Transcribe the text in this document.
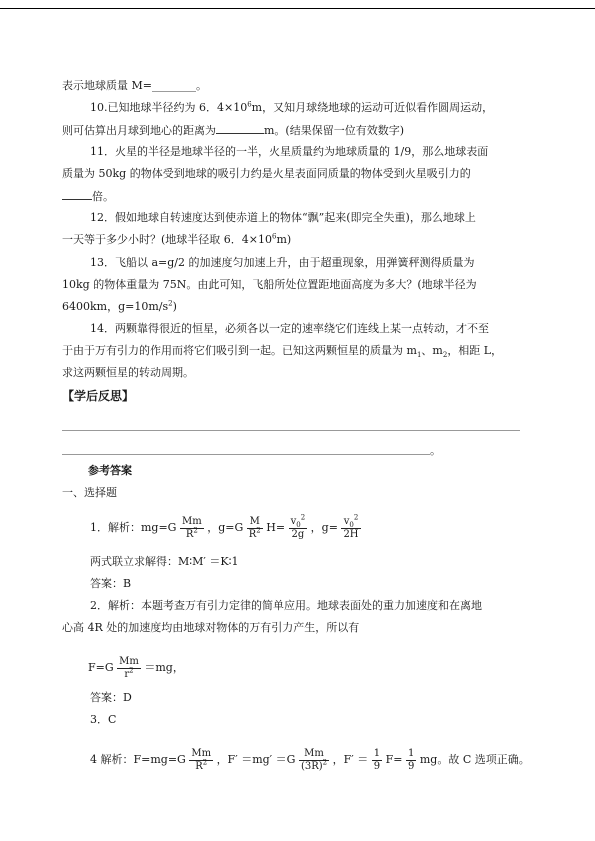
表示地球质量 M=________。
10.已知地球半径约为 6．$4\times 10^6m$，又知月球绕地球的运动可近似看作圆周运动，
则可估算出月球到地心的距离为	m。(结果保留一位有效数字)
11．火星的半径是地球半径的一半，火星质量约为地球质量的 1/9，那么地球表面
质量为 50kg 的物体受到地球的吸引力约是火星表面同质量的物体受到火星吸引力的
倍。
12．假如地球自转速度达到使赤道上的物体“飘”起来(即完全失重)，那么地球上
一天等于多少小时？(地球半径取 6．$4\times 10^6m$)
13．飞船以 a=g/2 的加速度匀加速上升，由于超重现象，用弹簧秤测得质量为
10kg 的物体重量为 75N。由此可知，飞船所处位置距地面高度为多大？(地球半径为
6400km，$g=10m/s^2$)
14．两颗靠得很近的恒星，必须各以一定的速率绕它们连线上某一点转动，才不至
于由于万有引力的作用而将它们吸引到一起。已知这两颗恒星的质量为 $m_1$、$m_2$，相距 L，
求这两颗恒星的转动周期。
【学后反思】
。
参考答案
一、选择题
1．解析：$mg=G \frac{Mm}{R^2}$ ，$g=G \frac{M}{R^2} H= \frac{v_0^2}{2g}$ ，$g= \frac{v_0^2}{2H}$
两式联立求解得：M∶M′ ＝K∶1
答案：B
2．解析：本题考查万有引力定律的简单应用。地球表面处的重力加速度和在离地
心高 4R 处的加速度均由地球对物体的万有引力产生，所以有
$F=G \frac{Mm}{r^2} =mg$，
答案：D
3．C
4 解析：$F=mg=G \frac{Mm}{R^2}$ ，$F' =mg' =G \frac{Mm}{(3R)^2}$ ，$F' = \frac{1}{9} F= \frac{1}{9}$ mg。故 C 选项正确。
